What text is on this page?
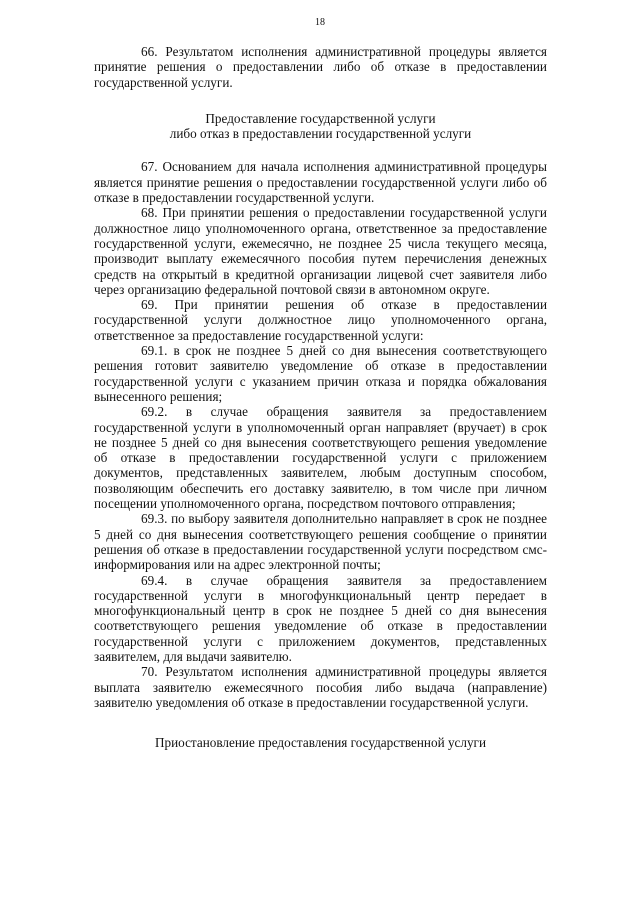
18

66. Результатом исполнения административной процедуры является принятие решения о предоставлении либо об отказе в предоставлении государственной услуги.

Предоставление государственной услуги
либо отказ в предоставлении государственной услуги

67. Основанием для начала исполнения административной процедуры является принятие решения о предоставлении государственной услуги либо об отказе в предоставлении государственной услуги.

68. При принятии решения о предоставлении государственной услуги должностное лицо уполномоченного органа, ответственное за предоставление государственной услуги, ежемесячно, не позднее 25 числа текущего месяца, производит выплату ежемесячного пособия путем перечисления денежных средств на открытый в кредитной организации лицевой счет заявителя либо через организацию федеральной почтовой связи в автономном округе.

69. При принятии решения об отказе в предоставлении государственной услуги должностное лицо уполномоченного органа, ответственное за предоставление государственной услуги:

69.1. в срок не позднее 5 дней со дня вынесения соответствующего решения готовит заявителю уведомление об отказе в предоставлении государственной услуги с указанием причин отказа и порядка обжалования вынесенного решения;

69.2. в случае обращения заявителя за предоставлением государственной услуги в уполномоченный орган направляет (вручает) в срок не позднее 5 дней со дня вынесения соответствующего решения уведомление об отказе в предоставлении государственной услуги с приложением документов, представленных заявителем, любым доступным способом, позволяющим обеспечить его доставку заявителю, в том числе при личном посещении уполномоченного органа, посредством почтового отправления;

69.3. по выбору заявителя дополнительно направляет в срок не позднее 5 дней со дня вынесения соответствующего решения сообщение о принятии решения об отказе в предоставлении государственной услуги посредством смс-информирования или на адрес электронной почты;

69.4. в случае обращения заявителя за предоставлением государственной услуги в многофункциональный центр передает в многофункциональный центр в срок не позднее 5 дней со дня вынесения соответствующего решения уведомление об отказе в предоставлении государственной услуги с приложением документов, представленных заявителем, для выдачи заявителю.

70. Результатом исполнения административной процедуры является выплата заявителю ежемесячного пособия либо выдача (направление) заявителю уведомления об отказе в предоставлении государственной услуги.

Приостановление предоставления государственной услуги
